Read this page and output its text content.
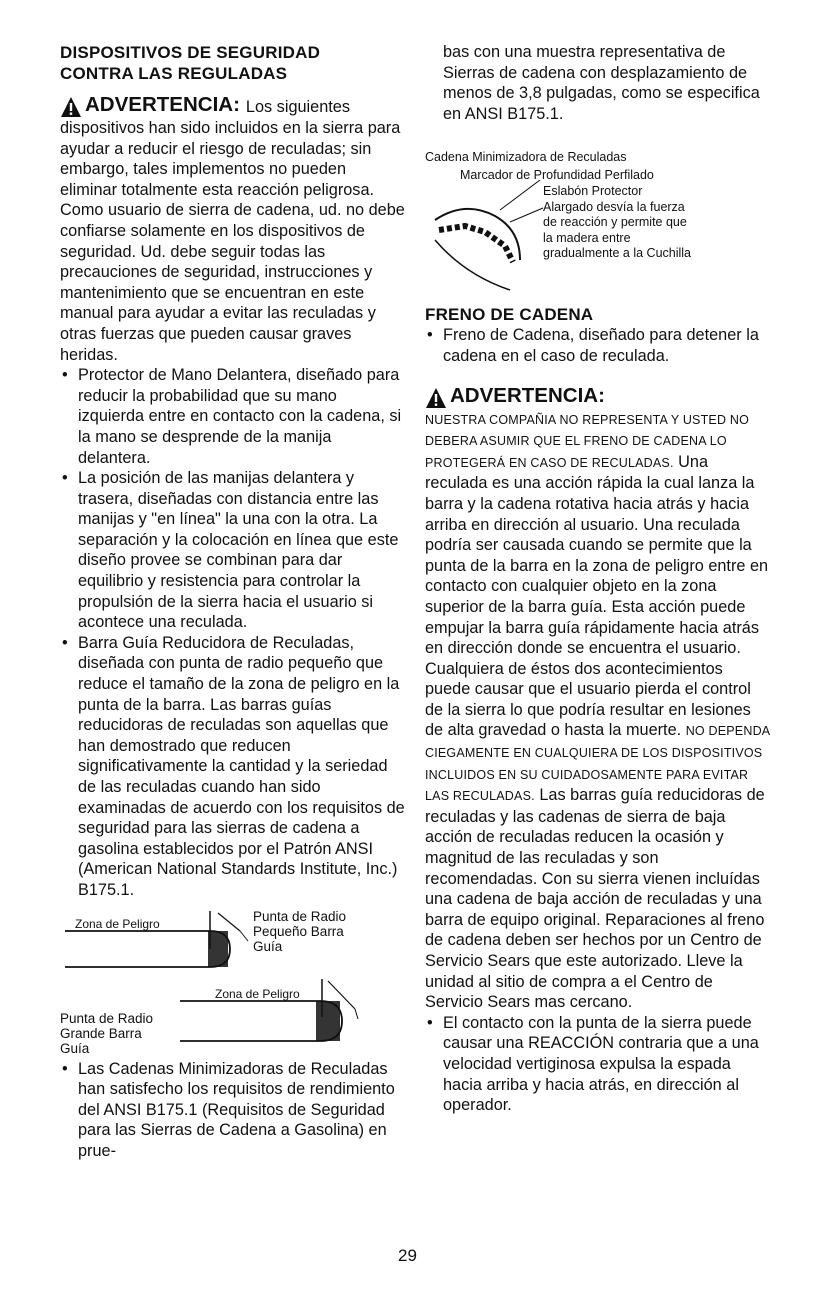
DISPOSITIVOS DE SEGURIDAD
CONTRA LAS REGULADAS
ADVERTENCIA: Los siguientes

dispositivos han sido incluidos en la sierra para ayudar a reducir el riesgo de reculadas; sin embargo, tales implementos no pueden eliminar totalmente esta reacción peligrosa. Como usuario de sierra de cadena, ud. no debe confiarse solamente en los dispositivos de seguridad. Ud. debe seguir todas las precauciones de seguridad, instrucciones y mantenimiento que se encuentran en este manual para ayudar a evitar las reculadas y otras fuerzas que pueden causar graves heridas.

• Protector de Mano Delantera, diseñado para reducir la probabilidad que su mano izquierda entre en contacto con la cadena, si la mano se desprende de la manija delantera.
• La posición de las manijas delantera y trasera, diseñadas con distancia entre las manijas y "en línea" la una con la otra. La separación y la colocación en línea que este diseño provee se combinan para dar equilibrio y resistencia para controlar la propulsión de la sierra hacia el usuario si acontece una reculada.
• Barra Guía Reducidora de Reculadas, diseñada con punta de radio pequeño que reduce el tamaño de la zona de peligro en la punta de la barra. Las barras guías reducidoras de reculadas son aquellas que han demostrado que reducen significativamente la cantidad y la seriedad de las reculadas cuando han sido examinadas de acuerdo con los requisitos de seguridad para las sierras de cadena a gasolina establecidos por el Patrón ANSI (American National Standards Institute, Inc.) B175.1.
Zona de Peligro	Punta de Radio Pequeño Barra Guía
Zona de Peligro
Punta de Radio Grande Barra Guía
• Las Cadenas Minimizadoras de Reculadas han satisfecho los requisitos de rendimiento del ANSI B175.1 (Requisitos de Seguridad para las Sierras de Cadena a Gasolina) en prue-

bas con una muestra representativa de Sierras de cadena con desplazamiento de menos de 3,8 pulgadas, como se especifica en ANSI B175.1.

Cadena Minimizadora de Reculadas
Marcador de Profundidad Perfilado
Eslabón Protector Alargado desvía la fuerza de reacción y permite que la madera entre gradualmente a la Cuchilla
FRENO DE CADENA
• Freno de Cadena, diseñado para detener la cadena en el caso de reculada.
ADVERTENCIA:

NUESTRA COMPAÑIA NO REPRESENTA Y USTED NO DEBERA ASUMIR QUE EL FRENO DE CADENA LO PROTEGERÁ EN CASO DE RECULADAS. Una reculada es una acción rápida la cual lanza la barra y la cadena rotativa hacia atrás y hacia arriba en dirección al usuario. Una reculada podría ser causada cuando se permite que la punta de la barra en la zona de peligro entre en contacto con cualquier objeto en la zona superior de la barra guía. Esta acción puede empujar la barra guía rápidamente hacia atrás en dirección donde se encuentra el usuario. Cualquiera de éstos dos acontecimientos puede causar que el usuario pierda el control de la sierra lo que podría resultar en lesiones de alta gravedad o hasta la muerte. NO DEPENDA CIEGAMENTE EN CUALQUIERA DE LOS DISPOSITIVOS INCLUIDOS EN SU CUIDADOSAMENTE PARA EVITAR LAS RECULADAS. Las barras guía reducidoras de reculadas y las cadenas de sierra de baja acción de reculadas reducen la ocasión y magnitud de las reculadas y son recomendadas. Con su sierra vienen incluídas una cadena de baja acción de reculadas y una barra de equipo original. Reparaciones al freno de cadena deben ser hechos por un Centro de Servicio Sears que este autorizado. Lleve la unidad al sitio de compra a el Centro de Servicio Sears mas cercano.

• El contacto con la punta de la sierra puede causar una REACCIÓN contraria que a una velocidad vertiginosa expulsa la espada hacia arriba y hacia atrás, en dirección al operador.
29
